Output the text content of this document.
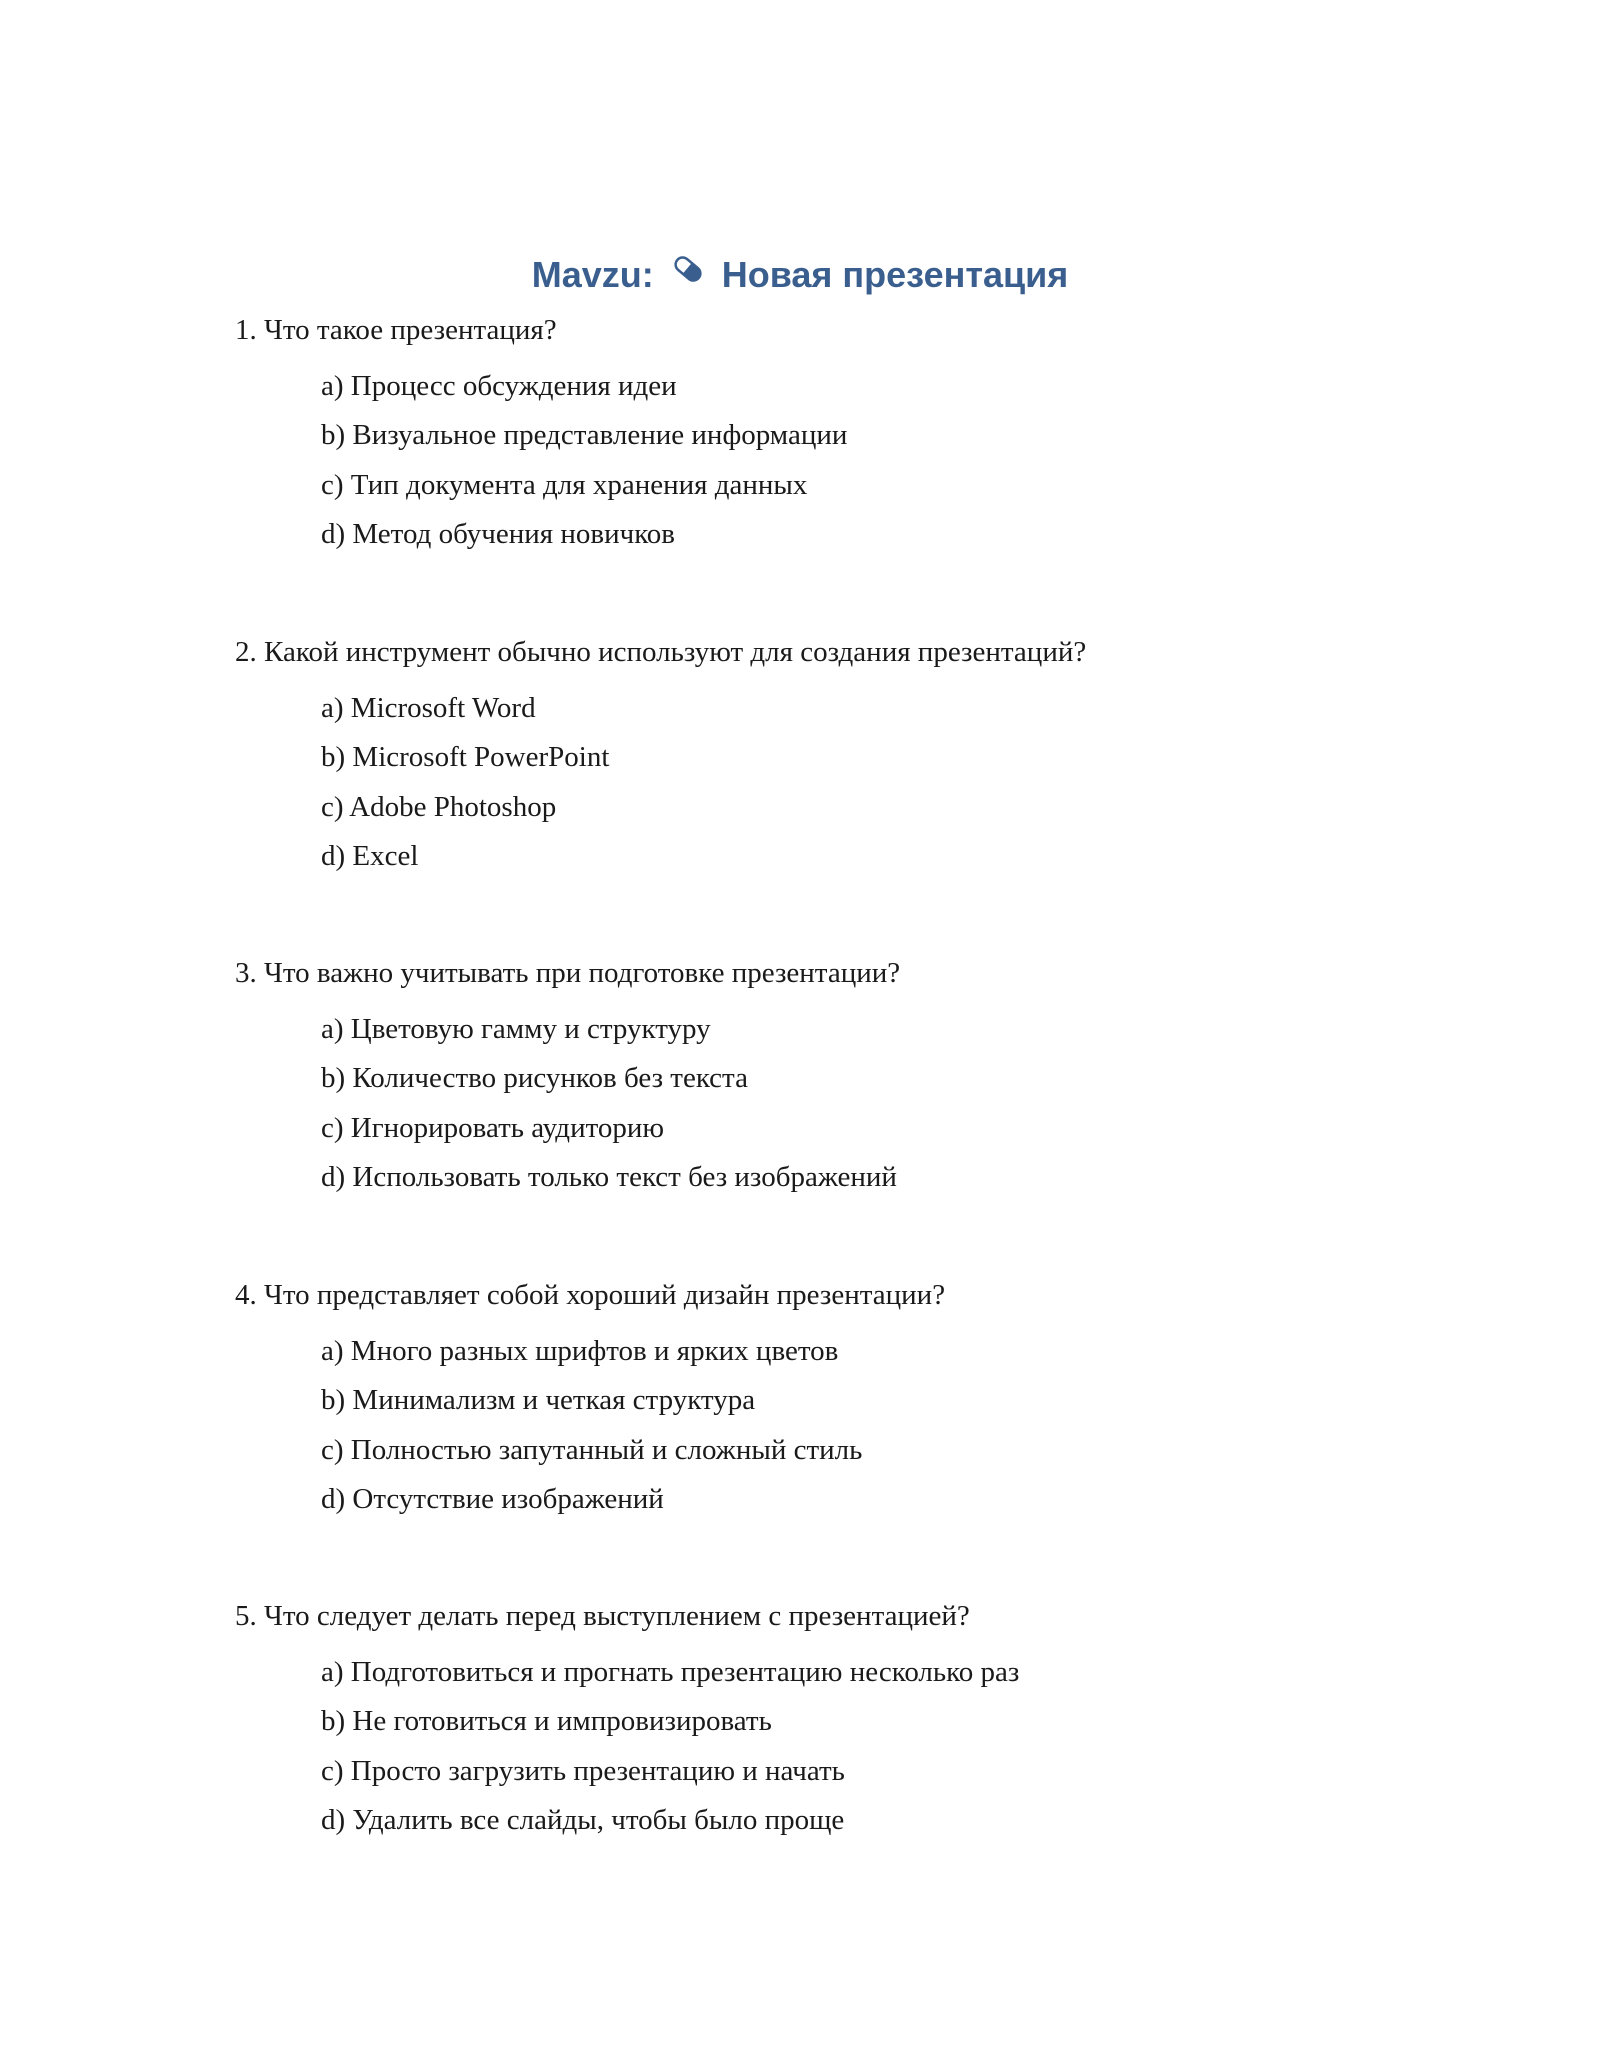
Mavzu: Новая презентация
1. Что такое презентация?
a) Процесс обсуждения идеи
b) Визуальное представление информации
c) Тип документа для хранения данных
d) Метод обучения новичков
2. Какой инструмент обычно используют для создания презентаций?
a) Microsoft Word
b) Microsoft PowerPoint
c) Adobe Photoshop
d) Excel
3. Что важно учитывать при подготовке презентации?
a) Цветовую гамму и структуру
b) Количество рисунков без текста
c) Игнорировать аудиторию
d) Использовать только текст без изображений
4. Что представляет собой хороший дизайн презентации?
a) Много разных шрифтов и ярких цветов
b) Минимализм и четкая структура
c) Полностью запутанный и сложный стиль
d) Отсутствие изображений
5. Что следует делать перед выступлением с презентацией?
a) Подготовиться и прогнать презентацию несколько раз
b) Не готовиться и импровизировать
c) Просто загрузить презентацию и начать
d) Удалить все слайды, чтобы было проще
